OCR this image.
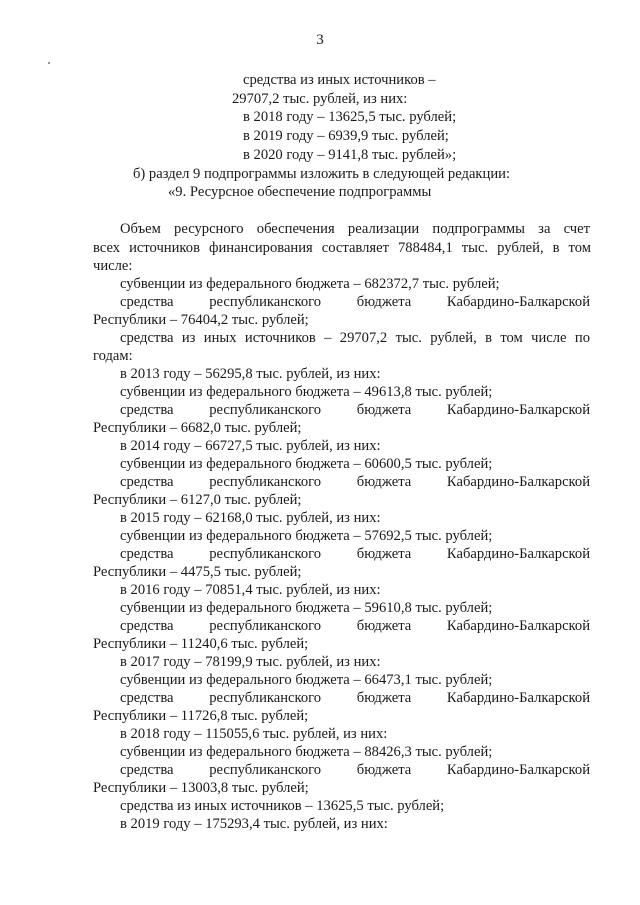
3
средства из иных источников –
29707,2 тыс. рублей, из них:
в 2018 году – 13625,5 тыс. рублей;
в 2019 году – 6939,9 тыс. рублей;
в 2020 году – 9141,8 тыс. рублей»;
б) раздел 9 подпрограммы изложить в следующей редакции:
«9. Ресурсное обеспечение подпрограммы
Объем ресурсного обеспечения реализации подпрограммы за счет
всех источников финансирования составляет 788484,1 тыс. рублей, в том
числе:
субвенции из федерального бюджета – 682372,7 тыс. рублей;
средства республиканского бюджета Кабардино-Балкарской
Республики – 76404,2 тыс. рублей;
средства из иных источников – 29707,2 тыс. рублей, в том числе по
годам:
в 2013 году – 56295,8 тыс. рублей, из них:
субвенции из федерального бюджета – 49613,8 тыс. рублей;
средства республиканского бюджета Кабардино-Балкарской
Республики – 6682,0 тыс. рублей;
в 2014 году – 66727,5 тыс. рублей, из них:
субвенции из федерального бюджета – 60600,5 тыс. рублей;
средства республиканского бюджета Кабардино-Балкарской
Республики – 6127,0 тыс. рублей;
в 2015 году – 62168,0 тыс. рублей, из них:
субвенции из федерального бюджета – 57692,5 тыс. рублей;
средства республиканского бюджета Кабардино-Балкарской
Республики – 4475,5 тыс. рублей;
в 2016 году – 70851,4 тыс. рублей, из них:
субвенции из федерального бюджета – 59610,8 тыс. рублей;
средства республиканского бюджета Кабардино-Балкарской
Республики – 11240,6 тыс. рублей;
в 2017 году – 78199,9 тыс. рублей, из них:
субвенции из федерального бюджета – 66473,1 тыс. рублей;
средства республиканского бюджета Кабардино-Балкарской
Республики – 11726,8 тыс. рублей;
в 2018 году – 115055,6 тыс. рублей, из них:
субвенции из федерального бюджета – 88426,3 тыс. рублей;
средства республиканского бюджета Кабардино-Балкарской
Республики – 13003,8 тыс. рублей;
средства из иных источников – 13625,5 тыс. рублей;
в 2019 году – 175293,4 тыс. рублей, из них:
